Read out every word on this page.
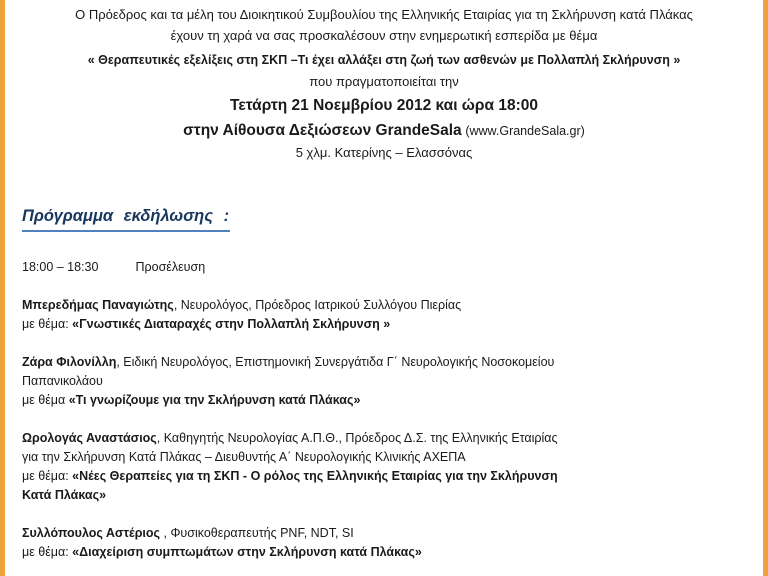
Ο Πρόεδρος και τα μέλη του Διοικητικού Συμβουλίου της Ελληνικής Εταιρίας για τη Σκλήρυνση κατά Πλάκας
έχουν τη χαρά να σας προσκαλέσουν στην ενημερωτική εσπερίδα με θέμα
« Θεραπευτικές εξελίξεις στη ΣΚΠ –Τι έχει αλλάξει στη ζωή των ασθενών με Πολλαπλή Σκλήρυνση »
που πραγματοποιείται την
Τετάρτη 21 Νοεμβρίου 2012 και ώρα 18:00
στην Αίθουσα Δεξιώσεων GrandeSala (www.GrandeSala.gr)
5 χλμ. Κατερίνης – Ελασσόνας
Πρόγραμμα εκδήλωσης :
18:00 – 18:30	Προσέλευση
Μπερεδήμας Παναγιώτης, Νευρολόγος, Πρόεδρος Ιατρικού Συλλόγου Πιερίας
με θέμα: «Γνωστικές Διαταραχές στην Πολλαπλή Σκλήρυνση »
Ζάρα Φιλονίλλη, Ειδική Νευρολόγος, Επιστημονική Συνεργάτιδα Γ΄ Νευρολογικής Νοσοκομείου
Παπανικολάου
με θέμα «Τι γνωρίζουμε για την Σκλήρυνση κατά Πλάκας»
Ωρολογάς Αναστάσιος, Καθηγητής Νευρολογίας Α.Π.Θ., Πρόεδρος Δ.Σ. της Ελληνικής Εταιρίας
για την Σκλήρυνση Κατά Πλάκας – Διευθυντής Α΄ Νευρολογικής Κλινικής ΑΧΕΠΑ
με θέμα: «Νέες Θεραπείες για τη ΣΚΠ - Ο ρόλος της Ελληνικής Εταιρίας για την Σκλήρυνση
Κατά Πλάκας»
Συλλόπουλος Αστέριος , Φυσικοθεραπευτής PNF, NDT, SI
με θέμα: «Διαχείριση συμπτωμάτων στην Σκλήρυνση κατά Πλάκας»
